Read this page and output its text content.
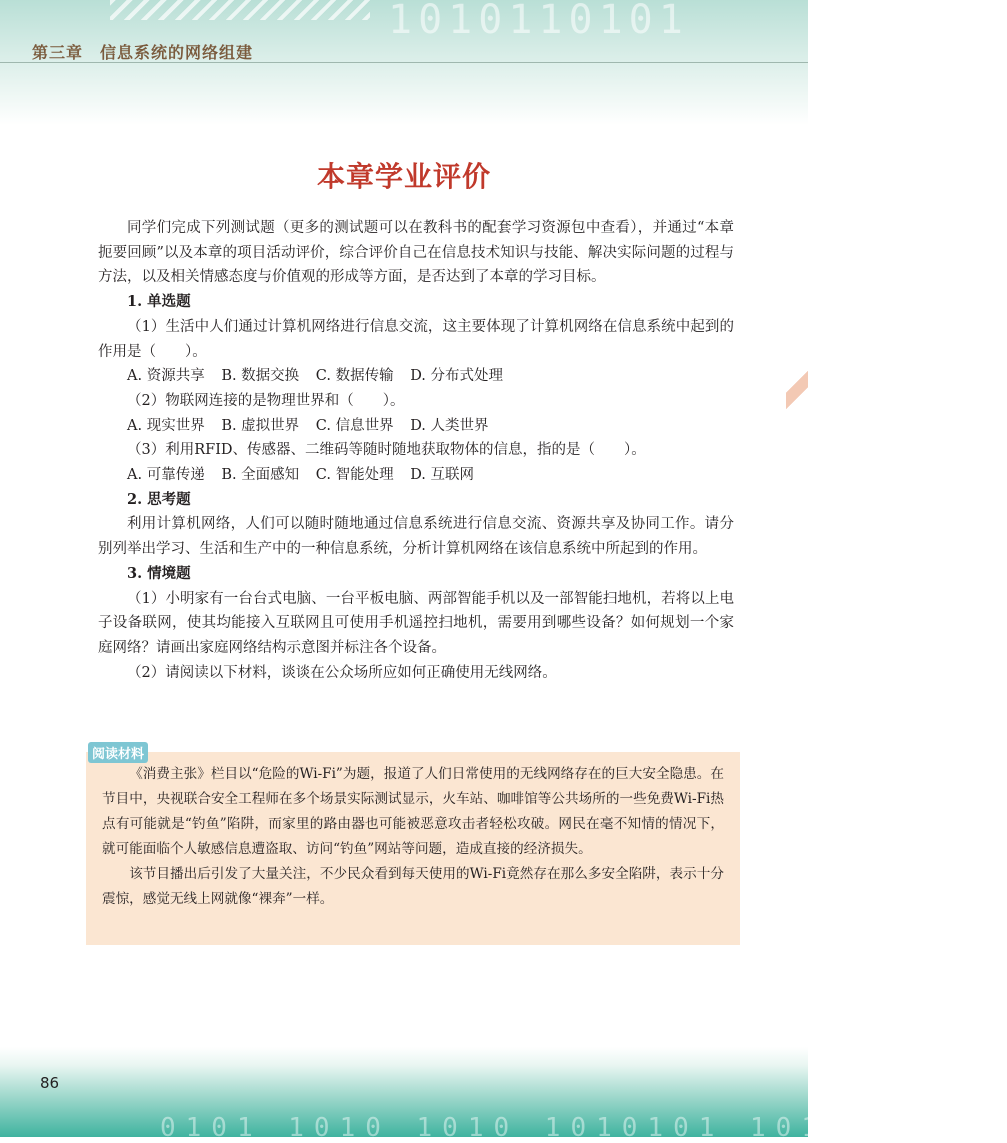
1010110101
第三章　信息系统的网络组建
本章学业评价

同学们完成下列测试题（更多的测试题可以在教科书的配套学习资源包中查看），并通过“本章扼要回顾”以及本章的项目活动评价，综合评价自己在信息技术知识与技能、解决实际问题的过程与方法，以及相关情感态度与价值观的形成等方面，是否达到了本章的学习目标。

1. 单选题

（1）生活中人们通过计算机网络进行信息交流，这主要体现了计算机网络在信息系统中起到的作用是（　　）。

A. 资源共享 B. 数据交换 C. 数据传输 D. 分布式处理

（2）物联网连接的是物理世界和（　　）。

A. 现实世界 B. 虚拟世界 C. 信息世界 D. 人类世界

（3）利用RFID、传感器、二维码等随时随地获取物体的信息，指的是（　　）。

A. 可靠传递 B. 全面感知 C. 智能处理 D. 互联网

2. 思考题

利用计算机网络，人们可以随时随地通过信息系统进行信息交流、资源共享及协同工作。请分别列举出学习、生活和生产中的一种信息系统，分析计算机网络在该信息系统中所起到的作用。

3. 情境题

（1）小明家有一台台式电脑、一台平板电脑、两部智能手机以及一部智能扫地机，若将以上电子设备联网，使其均能接入互联网且可使用手机遥控扫地机，需要用到哪些设备？如何规划一个家庭网络？请画出家庭网络结构示意图并标注各个设备。

（2）请阅读以下材料，谈谈在公众场所应如何正确使用无线网络。

《消费主张》栏目以“危险的Wi-Fi”为题，报道了人们日常使用的无线网络存在的巨大安全隐患。在节目中，央视联合安全工程师在多个场景实际测试显示，火车站、咖啡馆等公共场所的一些免费Wi-Fi热点有可能就是“钓鱼”陷阱，而家里的路由器也可能被恶意攻击者轻松攻破。网民在毫不知情的情况下，就可能面临个人敏感信息遭盗取、访问“钓鱼”网站等问题，造成直接的经济损失。

该节目播出后引发了大量关注，不少民众看到每天使用的Wi-Fi竟然存在那么多安全陷阱，表示十分震惊，感觉无线上网就像“裸奔”一样。

阅读材料
0101 1010 1010 1010101 1010 10001
86
